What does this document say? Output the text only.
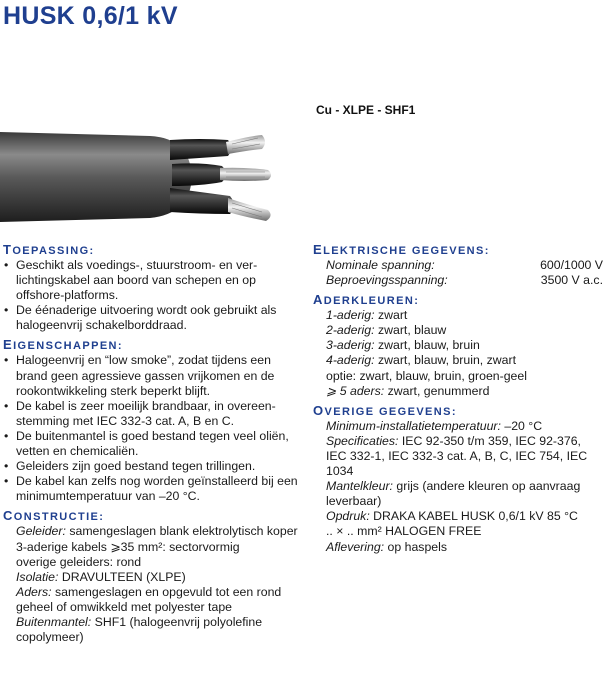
HUSK 0,6/1 kV
Cu - XLPE - SHF1

TOEPASSING:

• Geschikt als voedings-, stuurstroom- en ver-lichtingskabel aan boord van schepen en op offshore-platforms.
• De éénaderige uitvoering wordt ook gebruikt als halogeenvrij schakelborddraad.

EIGENSCHAPPEN:

• Halogeenvrij en “low smoke”, zodat tijdens een brand geen agressieve gassen vrijkomen en de rookontwikkeling sterk beperkt blijft.
• De kabel is zeer moeilijk brandbaar, in overeen-stemming met IEC 332-3 cat. A, B en C.
• De buitenmantel is goed bestand tegen veel oliën, vetten en chemicaliën.
• Geleiders zijn goed bestand tegen trillingen.
• De kabel kan zelfs nog worden geïnstalleerd bij een minimumtemperatuur van –20 °C.

CONSTRUCTIE:

Geleider: samengeslagen blank elektrolytisch koper

3-aderige kabels ⩾35 mm²: sectorvormig

overige geleiders: rond

Isolatie: DRAVULTEEN (XLPE)

Aders: samengeslagen en opgevuld tot een rond geheel of omwikkeld met polyester tape

Buitenmantel: SHF1 (halogeenvrij polyolefine copolymeer)

ELEKTRISCHE GEGEVENS:

Nominale spanning:	600/1000 V
Beproevingsspanning:	3500 V a.c.

ADERKLEUREN:

1-aderig: zwart

2-aderig: zwart, blauw

3-aderig: zwart, blauw, bruin

4-aderig: zwart, blauw, bruin, zwart

optie: zwart, blauw, bruin, groen-geel

⩾ 5 aders: zwart, genummerd

OVERIGE GEGEVENS:

Minimum-installatietemperatuur: –20 °C

Specificaties: IEC 92-350 t/m 359, IEC 92-376, IEC 332-1, IEC 332-3 cat. A, B, C, IEC 754, IEC 1034

Mantelkleur: grijs (andere kleuren op aanvraag leverbaar)

Opdruk: DRAKA KABEL HUSK 0,6/1 kV 85 °C

.. × .. mm² HALOGEN FREE

Aflevering: op haspels
